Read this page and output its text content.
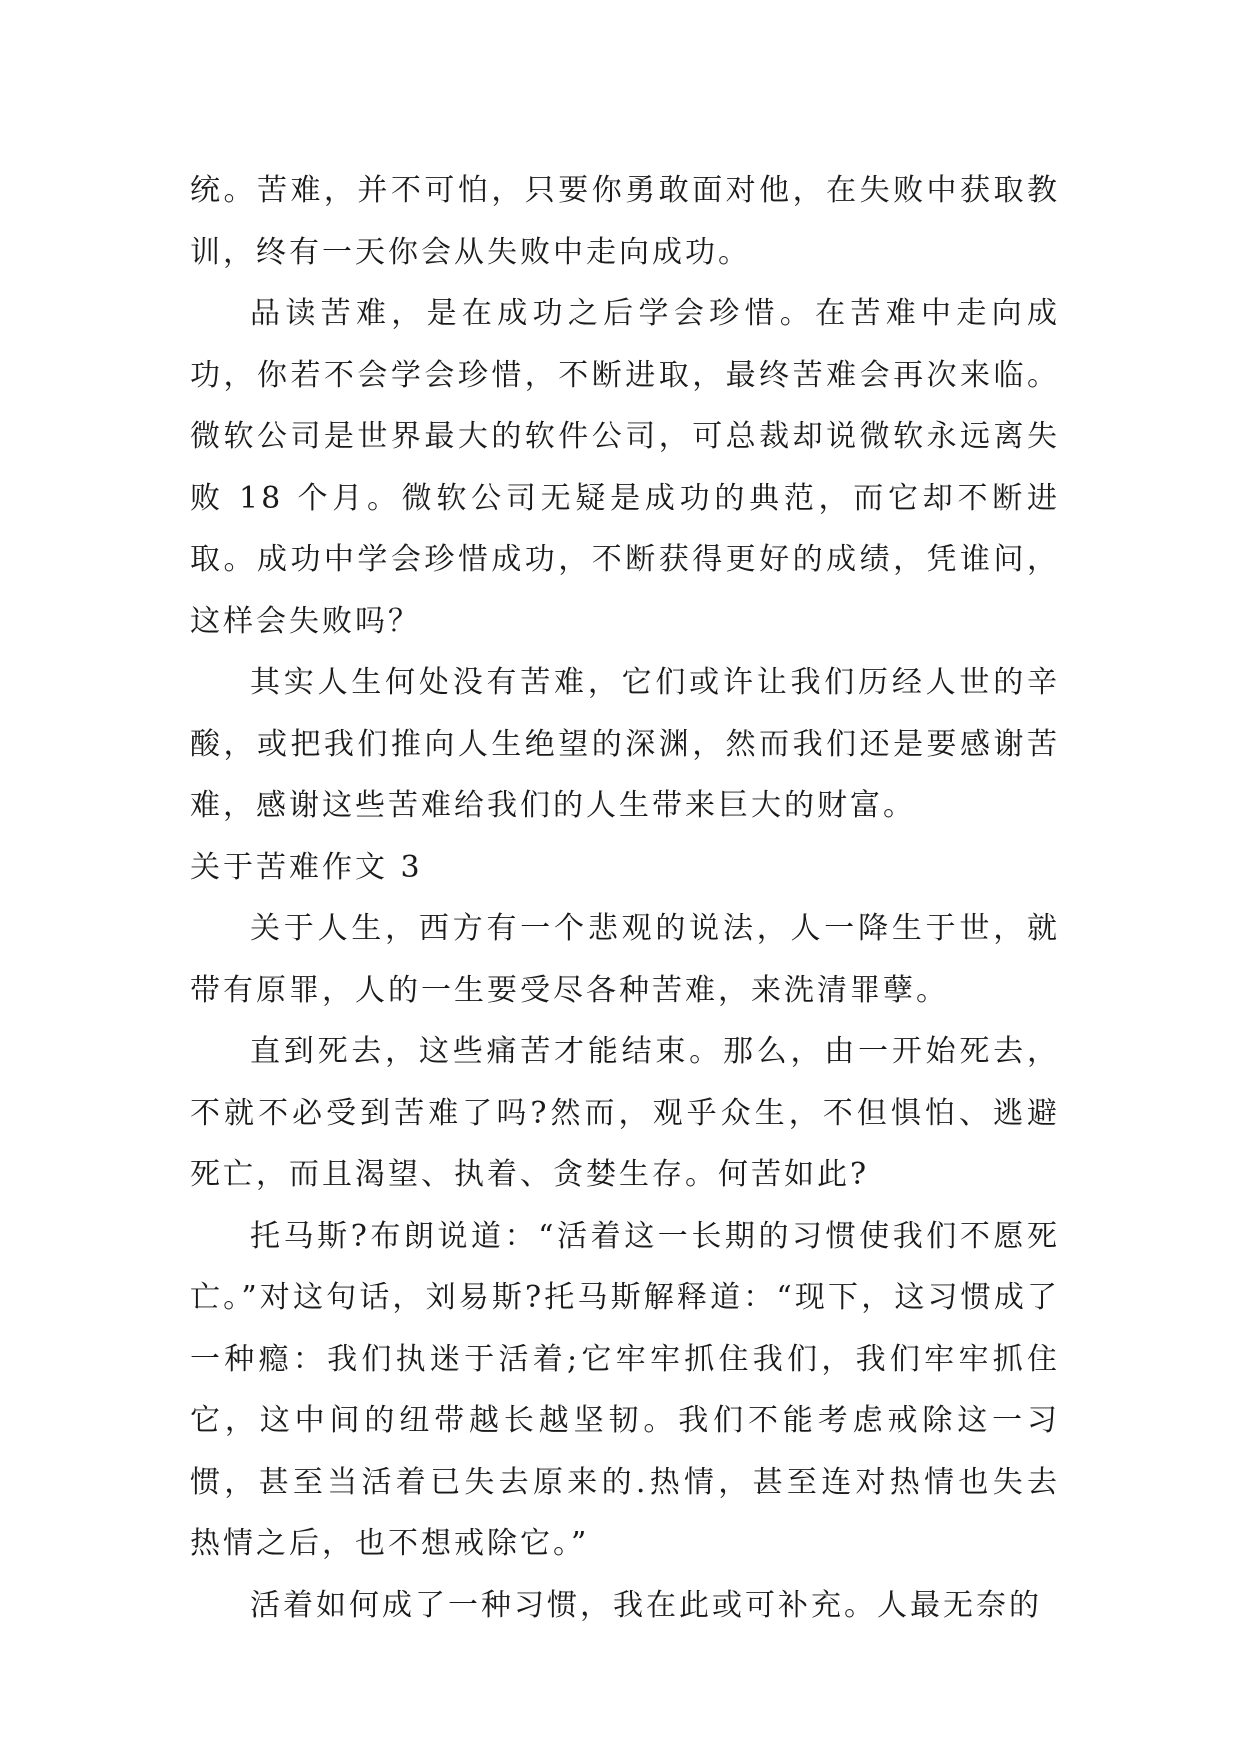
统。苦难，并不可怕，只要你勇敢面对他，在失败中获取教训，终有一天你会从失败中走向成功。

品读苦难，是在成功之后学会珍惜。在苦难中走向成功，你若不会学会珍惜，不断进取，最终苦难会再次来临。微软公司是世界最大的软件公司，可总裁却说微软永远离失败 18 个月。微软公司无疑是成功的典范，而它却不断进取。成功中学会珍惜成功，不断获得更好的成绩，凭谁问，这样会失败吗？

其实人生何处没有苦难，它们或许让我们历经人世的辛酸，或把我们推向人生绝望的深渊，然而我们还是要感谢苦难，感谢这些苦难给我们的人生带来巨大的财富。

关于苦难作文 3

关于人生，西方有一个悲观的说法，人一降生于世，就带有原罪，人的一生要受尽各种苦难，来洗清罪孽。

直到死去，这些痛苦才能结束。那么，由一开始死去，不就不必受到苦难了吗?然而，观乎众生，不但惧怕、逃避死亡，而且渴望、执着、贪婪生存。何苦如此?

托马斯?布朗说道：“活着这一长期的习惯使我们不愿死亡。”对这句话，刘易斯?托马斯解释道：“现下，这习惯成了一种瘾：我们执迷于活着;它牢牢抓住我们，我们牢牢抓住它，这中间的纽带越长越坚韧。我们不能考虑戒除这一习惯，甚至当活着已失去原来的.热情，甚至连对热情也失去热情之后，也不想戒除它。”

活着如何成了一种习惯，我在此或可补充。人最无奈的
